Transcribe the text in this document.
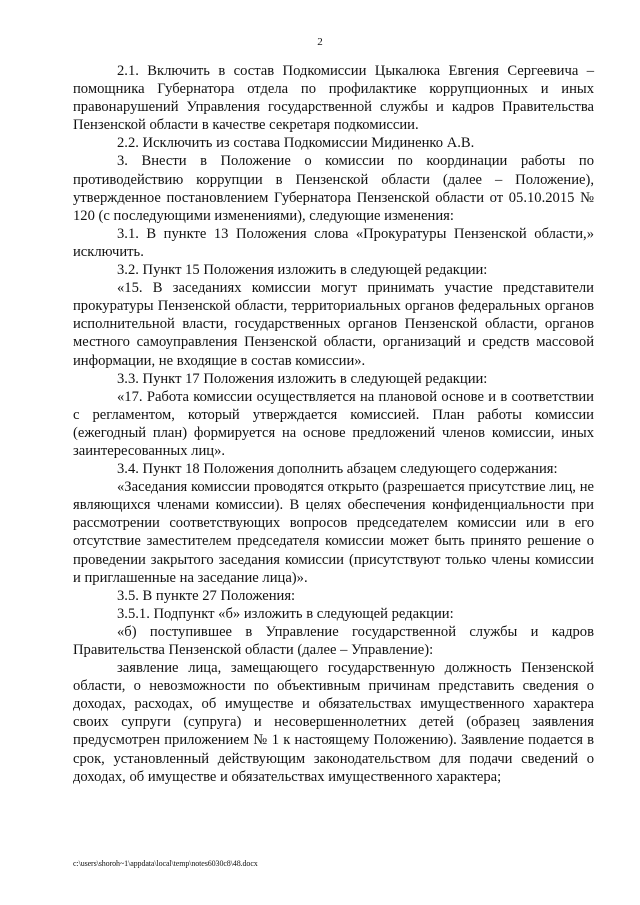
2

2.1. Включить в состав Подкомиссии Цыкалюка Евгения Сергеевича – помощника Губернатора отдела по профилактике коррупционных и иных правонарушений Управления государственной службы и кадров Правительства Пензенской области в качестве секретаря подкомиссии.

2.2. Исключить из состава Подкомиссии Мидиненко А.В.

3. Внести в Положение о комиссии по координации работы по противодействию коррупции в Пензенской области (далее – Положение), утвержденное постановлением Губернатора Пензенской области от 05.10.2015 № 120 (с последующими изменениями), следующие изменения:

3.1. В пункте 13 Положения слова «Прокуратуры Пензенской области,» исключить.

3.2. Пункт 15 Положения изложить в следующей редакции:

«15. В заседаниях комиссии могут принимать участие представители прокуратуры Пензенской области, территориальных органов федеральных органов исполнительной власти, государственных органов Пензенской области, органов местного самоуправления Пензенской области, организаций и средств массовой информации, не входящие в состав комиссии».

3.3. Пункт 17 Положения изложить в следующей редакции:

«17. Работа комиссии осуществляется на плановой основе и в соответствии с регламентом, который утверждается комиссией. План работы комиссии (ежегодный план) формируется на основе предложений членов комиссии, иных заинтересованных лиц».

3.4. Пункт 18 Положения дополнить абзацем следующего содержания:

«Заседания комиссии проводятся открыто (разрешается присутствие лиц, не являющихся членами комиссии). В целях обеспечения конфиденциальности при рассмотрении соответствующих вопросов председателем комиссии или в его отсутствие заместителем председателя комиссии может быть принято решение о проведении закрытого заседания комиссии (присутствуют только члены комиссии и приглашенные на заседание лица)».

3.5. В пункте 27 Положения:

3.5.1. Подпункт «б» изложить в следующей редакции:

«б) поступившее в Управление государственной службы и кадров Правительства Пензенской области (далее – Управление):

заявление лица, замещающего государственную должность Пензенской области, о невозможности по объективным причинам представить сведения о доходах, расходах, об имуществе и обязательствах имущественного характера своих супруги (супруга) и несовершеннолетних детей (образец заявления предусмотрен приложением № 1 к настоящему Положению). Заявление подается в срок, установленный действующим законодательством для подачи сведений о доходах, об имуществе и обязательствах имущественного характера;

c:\users\shoroh~1\appdata\local\temp\notes6030c8\48.docx
